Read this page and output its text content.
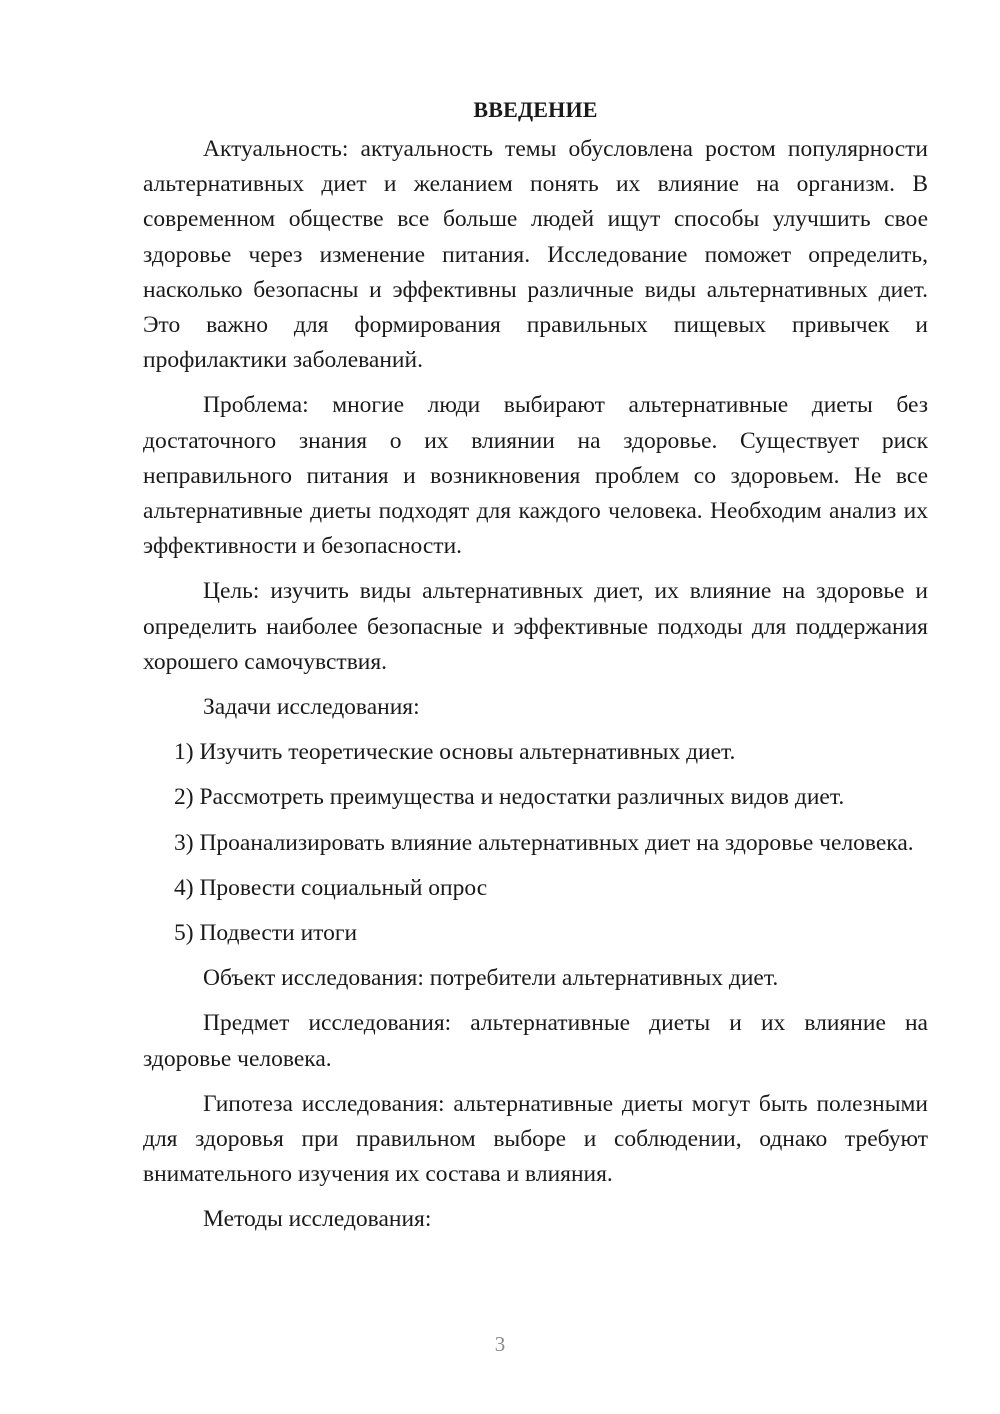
ВВЕДЕНИЕ

Актуальность: актуальность темы обусловлена ростом популярности альтернативных диет и желанием понять их влияние на организм. В современном обществе все больше людей ищут способы улучшить свое здоровье через изменение питания. Исследование поможет определить, насколько безопасны и эффективны различные виды альтернативных диет. Это важно для формирования правильных пищевых привычек и профилактики заболеваний.

Проблема: многие люди выбирают альтернативные диеты без достаточного знания о их влиянии на здоровье. Существует риск неправильного питания и возникновения проблем со здоровьем. Не все альтернативные диеты подходят для каждого человека. Необходим анализ их эффективности и безопасности.

Цель: изучить виды альтернативных диет, их влияние на здоровье и определить наиболее безопасные и эффективные подходы для поддержания хорошего самочувствия.

Задачи исследования:

1) Изучить теоретические основы альтернативных диет.

2) Рассмотреть преимущества и недостатки различных видов диет.

3) Проанализировать влияние альтернативных диет на здоровье человека.

4) Провести социальный опрос

5) Подвести итоги

Объект исследования: потребители альтернативных диет.

Предмет исследования: альтернативные диеты и их влияние на здоровье человека.

Гипотеза исследования: альтернативные диеты могут быть полезными для здоровья при правильном выборе и соблюдении, однако требуют внимательного изучения их состава и влияния.

Методы исследования:

3
